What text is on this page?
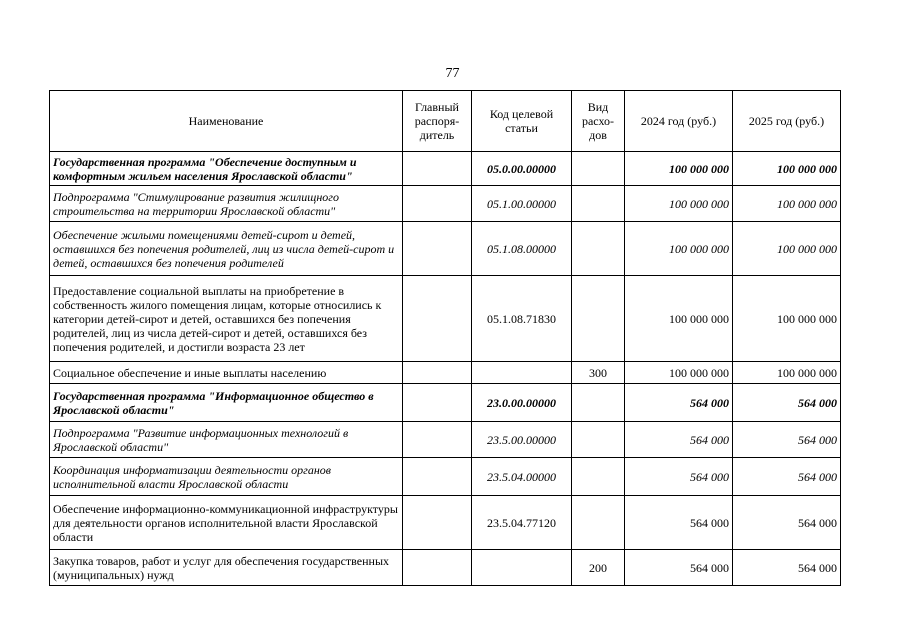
77
Наименование	Главный распоря-дитель	Код целевой статьи	Вид расхо-дов	2024 год (руб.)	2025 год (руб.)
Государственная программа "Обеспечение доступным и комфортным жильем населения Ярославской области"		05.0.00.00000		100 000 000	100 000 000
Подпрограмма "Стимулирование развития жилищного строительства на территории Ярославской области"		05.1.00.00000		100 000 000	100 000 000
Обеспечение жилыми помещениями детей-сирот и детей, оставшихся без попечения родителей, лиц из числа детей-сирот и детей, оставшихся без попечения родителей		05.1.08.00000		100 000 000	100 000 000
Предоставление социальной выплаты на приобретение в собственность жилого помещения лицам, которые относились к категории детей-сирот и детей, оставшихся без попечения родителей, лиц из числа детей-сирот и детей, оставшихся без попечения родителей, и достигли возраста 23 лет		05.1.08.71830		100 000 000	100 000 000
Социальное обеспечение и иные выплаты населению			300	100 000 000	100 000 000
Государственная программа "Информационное общество в Ярославской области"		23.0.00.00000		564 000	564 000
Подпрограмма "Развитие информационных технологий в Ярославской области"		23.5.00.00000		564 000	564 000
Координация информатизации деятельности органов исполнительной власти Ярославской области		23.5.04.00000		564 000	564 000
Обеспечение информационно-коммуникационной инфраструктуры для деятельности органов исполнительной власти Ярославской области		23.5.04.77120		564 000	564 000
Закупка товаров, работ и услуг для обеспечения государственных (муниципальных) нужд			200	564 000	564 000
